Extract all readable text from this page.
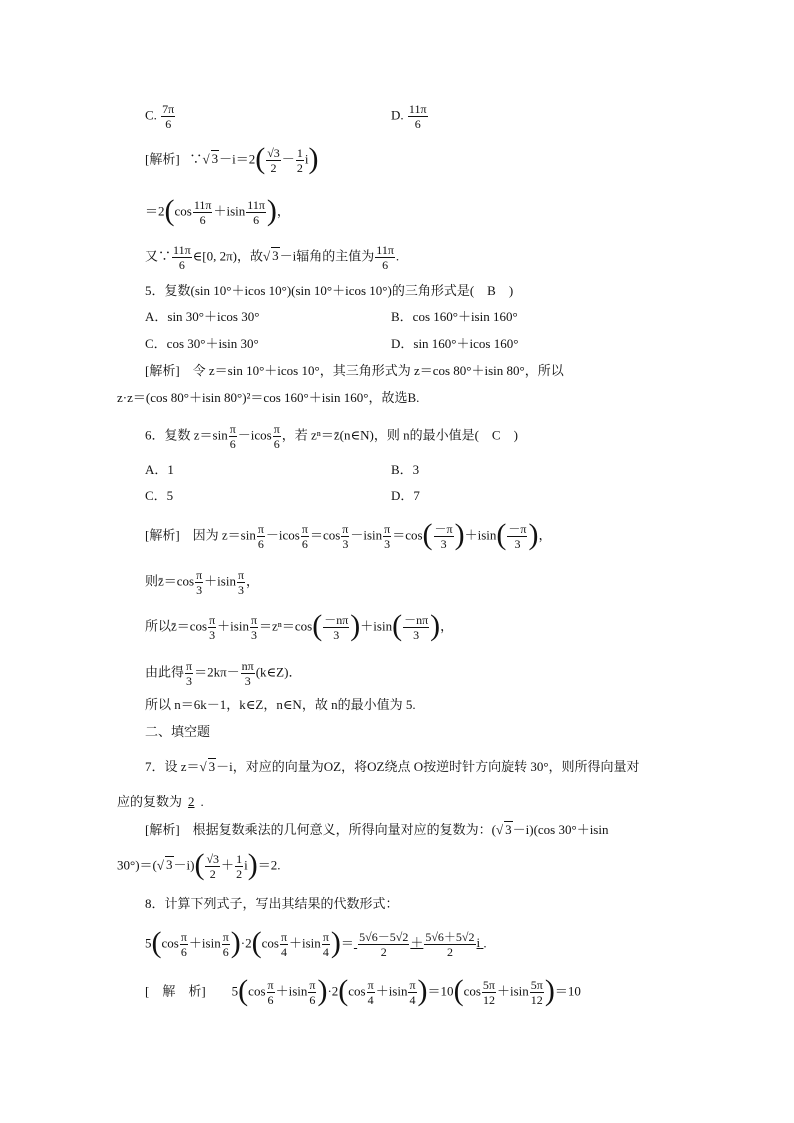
C. $\frac{7\pi}{6}$	D. $\frac{11\pi}{6}$
[解析] ∵√ $3-i=2( \frac{√3}{2} - \frac{1}{2} i)$
$=2(\cos \frac{11\pi}{6} +isin \frac{11\pi}{6}$ )，
又∵ $\frac{11\pi}{6}$ ∈[0, 2π)，故√ 3－i辐角的主值为 $\frac{11\pi}{6}$ .
5．复数(sin 10°＋icos 10°)(sin 10°＋icos 10°)的三角形式是(　B　)
A．sin 30°＋icos 30°	B．cos 160°＋isin 160°
C．cos 30°＋isin 30°	D．sin 160°＋icos 160°
[解析]　令 z＝sin 10°＋icos 10°，其三角形式为 z＝cos 80°＋isin 80°，所以
z·z＝(cos 80°＋isin 80°)²＝cos 160°＋isin 160°，故选B.
6．复数 $z=\sin \frac{\pi}{6} -icos \frac{\pi}{6}$ ，若 zⁿ＝z̄(n∈N)，则 n的最小值是(　C　)
A．1	B．3
C．5	D．7
[解析]　因为 $z=\sin \frac{\pi}{6} -icos \frac{\pi}{6} =\cos \frac{\pi}{3} -isin \frac{\pi}{3} =\cos( \frac{-\pi}{3} )+isin( \frac{-\pi}{3}$ )，
则z̄＝cos $\frac{\pi}{3} +isin \frac{\pi}{3}$ ，
所以z̄＝cos $\frac{\pi}{3} +isin \frac{\pi}{3} =z^n=\cos( \frac{-n\pi}{3} )+isin( \frac{-n\pi}{3}$ )，
由此得 $\frac{\pi}{3} =2k\pi- \frac{n\pi}{3}$ (k∈Z)．
所以 n＝6k－1，k∈Z，n∈N，故 n的最小值为 5.
二、填空题
7．设 z＝√ 3－i，对应的向量为OZ，将OZ绕点 O按逆时针方向旋转 30°，则所得向量对
应的复数为 2 .
[解析]　根据复数乘法的几何意义，所得向量对应的复数为：(√ 3－i)(cos 30°＋isin
30°)＝(√ $3-i)( \frac{√3}{2} + \frac{1}{2} i)=2$.
8．计算下列式子，写出其结果的代数形式：
$5(\cos \frac{\pi}{6} +isin \frac{\pi}{6} )\cdot 2(\cos \frac{\pi}{4} +isin \frac{\pi}{4}$ )＝ $\frac{5√6-5√2}{2} + \frac{5√6+5√2}{2}$ i .
[　解　析] $5(\cos \frac{\pi}{6} +isin \frac{\pi}{6} )\cdot 2(\cos \frac{\pi}{4} +isin \frac{\pi}{4} )=10(\cos \frac{5\pi}{12} +isin \frac{5\pi}{12} )=10$
